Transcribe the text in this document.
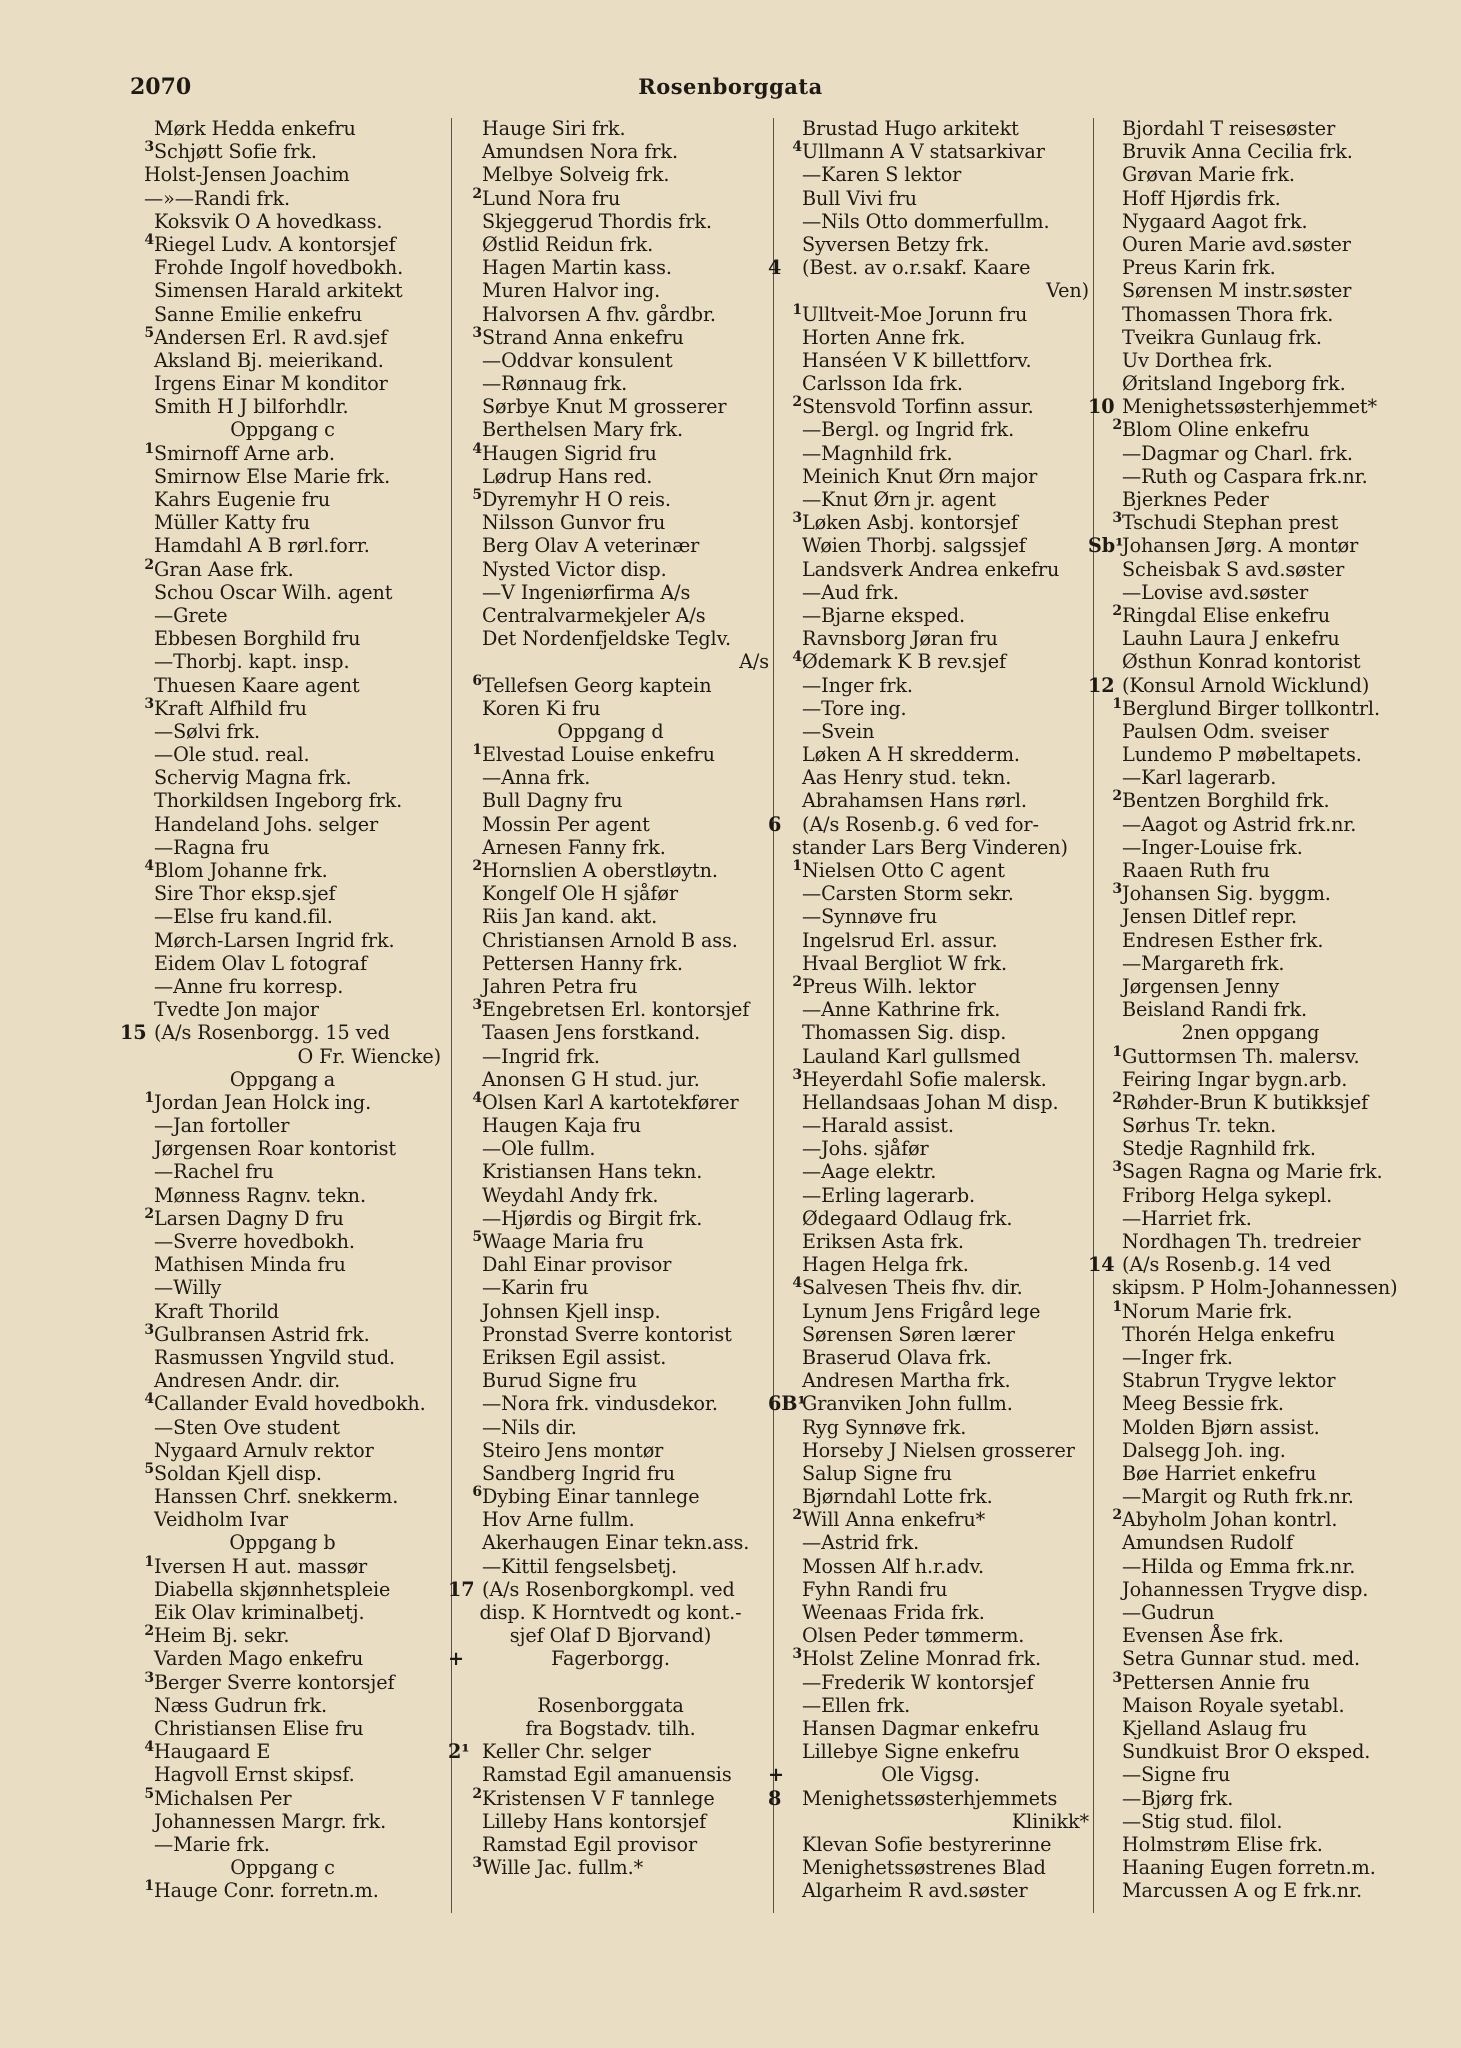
2070	Rosenborggata
Mørk Hedda enkefru
3 Schjøtt Sofie frk.
Holst-Jensen Joachim
—»—Randi frk.
Koksvik O A hovedkass.
4 Riegel Ludv. A kontorsjef
Frohde Ingolf hovedbokh.
Simensen Harald arkitekt
Sanne Emilie enkefru
5 Andersen Erl. R avd.sjef
Aksland Bj. meierikand.
Irgens Einar M konditor
Smith H J bilforhdlr.
Oppgang c
1 Smirnoff Arne arb.
Smirnow Else Marie frk.
Kahrs Eugenie fru
Müller Katty fru
Hamdahl A B rørl.forr.
2 Gran Aase frk.
Schou Oscar Wilh. agent
—Grete
Ebbesen Borghild fru
—Thorbj. kapt. insp.
Thuesen Kaare agent
3 Kraft Alfhild fru
—Sølvi frk.
—Ole stud. real.
Schervig Magna frk.
Thorkildsen Ingeborg frk.
Handeland Johs. selger
—Ragna fru
4 Blom Johanne frk.
Sire Thor eksp.sjef
—Else fru kand.fil.
Mørch-Larsen Ingrid frk.
Eidem Olav L fotograf
—Anne fru korresp.
Tvedte Jon major
15 (A/s Rosenborgg. 15 ved
O Fr. Wiencke)
Oppgang a
1 Jordan Jean Holck ing.
—Jan fortoller
Jørgensen Roar kontorist
—Rachel fru
Mønness Ragnv. tekn.
2 Larsen Dagny D fru
—Sverre hovedbokh.
Mathisen Minda fru
—Willy
Kraft Thorild
3 Gulbransen Astrid frk.
Rasmussen Yngvild stud.
Andresen Andr. dir.
4 Callander Evald hovedbokh.
—Sten Ove student
Nygaard Arnulv rektor
5 Soldan Kjell disp.
Hanssen Chrf. snekkerm.
Veidholm Ivar
Oppgang b
1 Iversen H aut. massør
Diabella skjønnhetspleie
Eik Olav kriminalbetj.
2 Heim Bj. sekr.
Varden Mago enkefru
3 Berger Sverre kontorsjef
Næss Gudrun frk.
Christiansen Elise fru
4 Haugaard E
Hagvoll Ernst skipsf.
5 Michalsen Per
Johannessen Margr. frk.
—Marie frk.
Oppgang c
1 Hauge Conr. forretn.m.
Hauge Siri frk.
Amundsen Nora frk.
Melbye Solveig frk.
2 Lund Nora fru
Skjeggerud Thordis frk.
Østlid Reidun frk.
Hagen Martin kass.
Muren Halvor ing.
Halvorsen A fhv. gårdbr.
3 Strand Anna enkefru
—Oddvar konsulent
—Rønnaug frk.
Sørbye Knut M grosserer
Berthelsen Mary frk.
4 Haugen Sigrid fru
Lødrup Hans red.
5 Dyremyhr H O reis.
Nilsson Gunvor fru
Berg Olav A veterinær
Nysted Victor disp.
—V Ingeniørfirma A/s
Centralvarmekjeler A/s
Det Nordenfjeldske Teglv.
A/s
6 Tellefsen Georg kaptein
Koren Ki fru
Oppgang d
1 Elvestad Louise enkefru
—Anna frk.
Bull Dagny fru
Mossin Per agent
Arnesen Fanny frk.
2 Hornslien A oberstløytn.
Kongelf Ole H sjåfør
Riis Jan kand. akt.
Christiansen Arnold B ass.
Pettersen Hanny frk.
Jahren Petra fru
3 Engebretsen Erl. kontorsjef
Taasen Jens forstkand.
—Ingrid frk.
Anonsen G H stud. jur.
4 Olsen Karl A kartotekfører
Haugen Kaja fru
—Ole fullm.
Kristiansen Hans tekn.
Weydahl Andy frk.
—Hjørdis og Birgit frk.
5 Waage Maria fru
Dahl Einar provisor
—Karin fru
Johnsen Kjell insp.
Pronstad Sverre kontorist
Eriksen Egil assist.
Burud Signe fru
—Nora frk. vindusdekor.
—Nils dir.
Steiro Jens montør
Sandberg Ingrid fru
6 Dybing Einar tannlege
Hov Arne fullm.
Akerhaugen Einar tekn.ass.
—Kittil fengselsbetj.
17 (A/s Rosenborgkompl. ved
disp. K Horntvedt og kont.-
sjef Olaf D Bjorvand)
+	Fagerborgg.
Rosenborggata
fra Bogstadv. tilh.
2¹ Keller Chr. selger
Ramstad Egil amanuensis
2 Kristensen V F tannlege
Lilleby Hans kontorsjef
Ramstad Egil provisor
3 Wille Jac. fullm.*
Brustad Hugo arkitekt
4 Ullmann A V statsarkivar
—Karen S lektor
Bull Vivi fru
—Nils Otto dommerfullm.
Syversen Betzy frk.
4	(Best. av o.r.sakf. Kaare
Ven)
1 Ulltveit-Moe Jorunn fru
Horten Anne frk.
Hanséen V K billettforv.
Carlsson Ida frk.
2 Stensvold Torfinn assur.
—Bergl. og Ingrid frk.
—Magnhild frk.
Meinich Knut Ørn major
—Knut Ørn jr. agent
3 Løken Asbj. kontorsjef
Wøien Thorbj. salgssjef
Landsverk Andrea enkefru
—Aud frk.
—Bjarne eksped.
Ravnsborg Jøran fru
4 Ødemark K B rev.sjef
—Inger frk.
—Tore ing.
—Svein
Løken A H skredderm.
Aas Henry stud. tekn.
Abrahamsen Hans rørl.
6	(A/s Rosenb.g. 6 ved for-
stander Lars Berg Vinderen)
1 Nielsen Otto C agent
—Carsten Storm sekr.
—Synnøve fru
Ingelsrud Erl. assur.
Hvaal Bergliot W frk.
2 Preus Wilh. lektor
—Anne Kathrine frk.
Thomassen Sig. disp.
Lauland Karl gullsmed
3 Heyerdahl Sofie malersk.
Hellandsaas Johan M disp.
—Harald assist.
—Johs. sjåfør
—Aage elektr.
—Erling lagerarb.
Ødegaard Odlaug frk.
Eriksen Asta frk.
Hagen Helga frk.
4 Salvesen Theis fhv. dir.
Lynum Jens Frigård lege
Sørensen Søren lærer
Braserud Olava frk.
Andresen Martha frk.
6B¹
Granviken John fullm.
Ryg Synnøve frk.
Horseby J Nielsen grosserer
Salup Signe fru
Bjørndahl Lotte frk.
2 Will Anna enkefru*
—Astrid frk.
Mossen Alf h.r.adv.
Fyhn Randi fru
Weenaas Frida frk.
Olsen Peder tømmerm.
3 Holst Zeline Monrad frk.
—Frederik W kontorsjef
—Ellen frk.
Hansen Dagmar enkefru
Lillebye Signe enkefru
+	Ole Vigsg.
8	Menighetssøsterhjemmets
Klinikk*
Klevan Sofie bestyrerinne
Menighetssøstrenes Blad
Algarheim R avd.søster
Bjordahl T reisesøster
Bruvik Anna Cecilia frk.
Grøvan Marie frk.
Hoff Hjørdis frk.
Nygaard Aagot frk.
Ouren Marie avd.søster
Preus Karin frk.
Sørensen M instr.søster
Thomassen Thora frk.
Tveikra Gunlaug frk.
Uv Dorthea frk.
Øritsland Ingeborg frk.
10 Menighetssøsterhjemmet*
2 Blom Oline enkefru
—Dagmar og Charl. frk.
—Ruth og Caspara frk.nr.
Bjerknes Peder
3 Tschudi Stephan prest
Sb¹
Johansen Jørg. A montør
Scheisbak S avd.søster
—Lovise avd.søster
2 Ringdal Elise enkefru
Lauhn Laura J enkefru
Østhun Konrad kontorist
12 (Konsul Arnold Wicklund)
1 Berglund Birger tollkontrl.
Paulsen Odm. sveiser
Lundemo P møbeltapets.
—Karl lagerarb.
2 Bentzen Borghild frk.
—Aagot og Astrid frk.nr.
—Inger-Louise frk.
Raaen Ruth fru
3 Johansen Sig. byggm.
Jensen Ditlef repr.
Endresen Esther frk.
—Margareth frk.
Jørgensen Jenny
Beisland Randi frk.
2nen oppgang
1 Guttormsen Th. malersv.
Feiring Ingar bygn.arb.
2 Røhder-Brun K butikksjef
Sørhus Tr. tekn.
Stedje Ragnhild frk.
3 Sagen Ragna og Marie frk.
Friborg Helga sykepl.
—Harriet frk.
Nordhagen Th. tredreier
14 (A/s Rosenb.g. 14 ved
skipsm. P Holm-Johannessen)
1 Norum Marie frk.
Thorén Helga enkefru
—Inger frk.
Stabrun Trygve lektor
Meeg Bessie frk.
Molden Bjørn assist.
Dalsegg Joh. ing.
Bøe Harriet enkefru
—Margit og Ruth frk.nr.
2 Abyholm Johan kontrl.
Amundsen Rudolf
—Hilda og Emma frk.nr.
Johannessen Trygve disp.
—Gudrun
Evensen Åse frk.
Setra Gunnar stud. med.
3 Pettersen Annie fru
Maison Royale syetabl.
Kjelland Aslaug fru
Sundkuist Bror O eksped.
—Signe fru
—Bjørg frk.
—Stig stud. filol.
Holmstrøm Elise frk.
Haaning Eugen forretn.m.
Marcussen A og E frk.nr.
